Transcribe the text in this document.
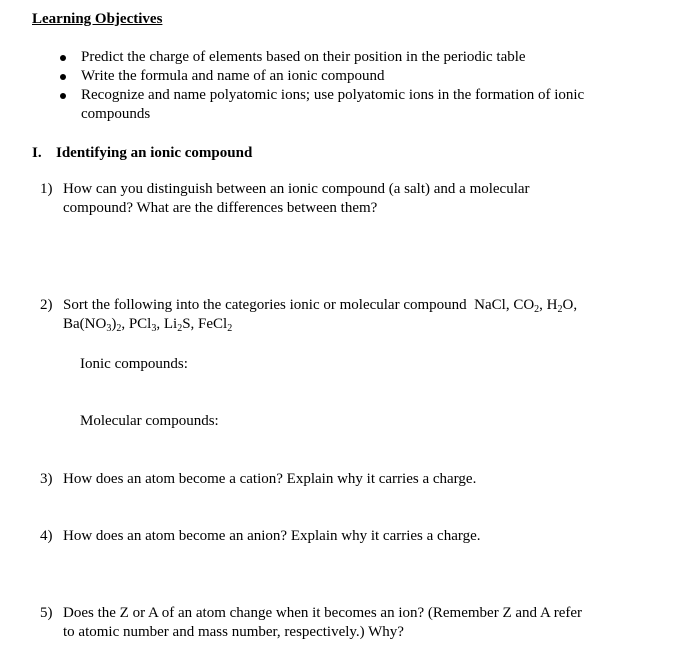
Learning Objectives
Predict the charge of elements based on their position in the periodic table
Write the formula and name of an ionic compound
Recognize and name polyatomic ions; use polyatomic ions in the formation of ionic
compounds
I. Identifying an ionic compound
1) How can you distinguish between an ionic compound (a salt) and a molecular
compound? What are the differences between them?
2) Sort the following into the categories ionic or molecular compound NaCl, $CO_2$, $H_2O$,
$Ba(NO_3)_2$, PCl$_3$, $Li_2S$, FeCl$_2$
Ionic compounds:
Molecular compounds:
3) How does an atom become a cation? Explain why it carries a charge.
4) How does an atom become an anion? Explain why it carries a charge.
5) Does the Z or A of an atom change when it becomes an ion? (Remember Z and A refer
to atomic number and mass number, respectively.) Why?
